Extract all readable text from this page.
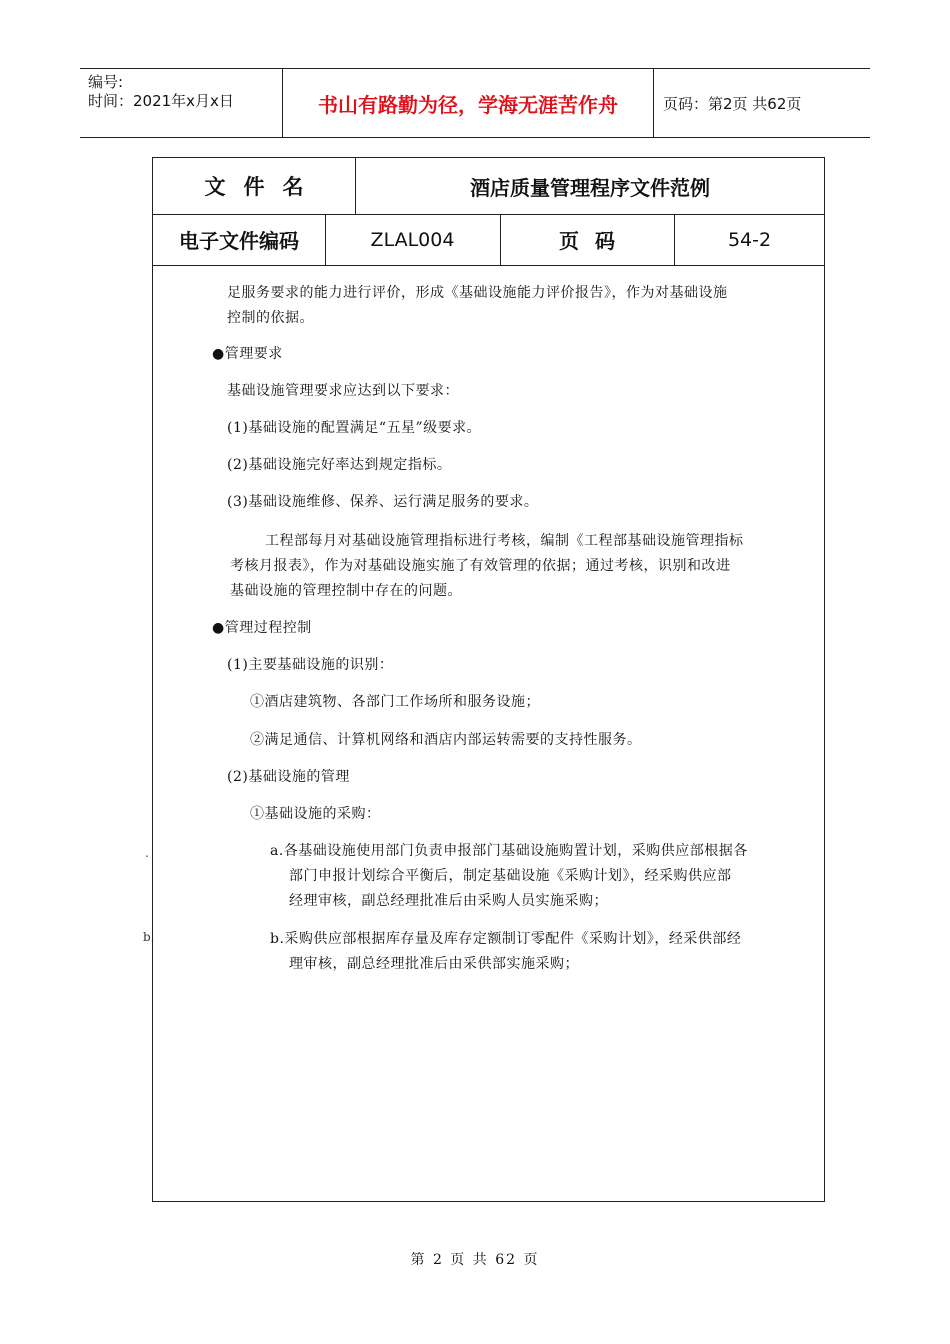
编号:
时间：2021年x月x日	书山有路勤为径，学海无涯苦作舟	页码：第2页 共62页
文件名	酒店质量管理程序文件范例
电子文件编码	ZLAL004	页码	54-2
足服务要求的能力进行评价，形成《基础设施能力评价报告》，作为对基础设施
控制的依据。
●管理要求
基础设施管理要求应达到以下要求：
(1)基础设施的配置满足“五星”级要求。
(2)基础设施完好率达到规定指标。
(3)基础设施维修、保养、运行满足服务的要求。
工程部每月对基础设施管理指标进行考核，编制《工程部基础设施管理指标
考核月报表》，作为对基础设施实施了有效管理的依据；通过考核，识别和改进
基础设施的管理控制中存在的问题。
●管理过程控制
(1)主要基础设施的识别：
①酒店建筑物、各部门工作场所和服务设施；
②满足通信、计算机网络和酒店内部运转需要的支持性服务。
(2)基础设施的管理
①基础设施的采购：
a.各基础设施使用部门负责申报部门基础设施购置计划，采购供应部根据各
部门申报计划综合平衡后，制定基础设施《采购计划》，经采购供应部
经理审核，副总经理批准后由采购人员实施采购；
b.采购供应部根据库存量及库存定额制订零配件《采购计划》，经采供部经
理审核，副总经理批准后由采供部实施采购；
.
b.
第 2 页 共 62 页
